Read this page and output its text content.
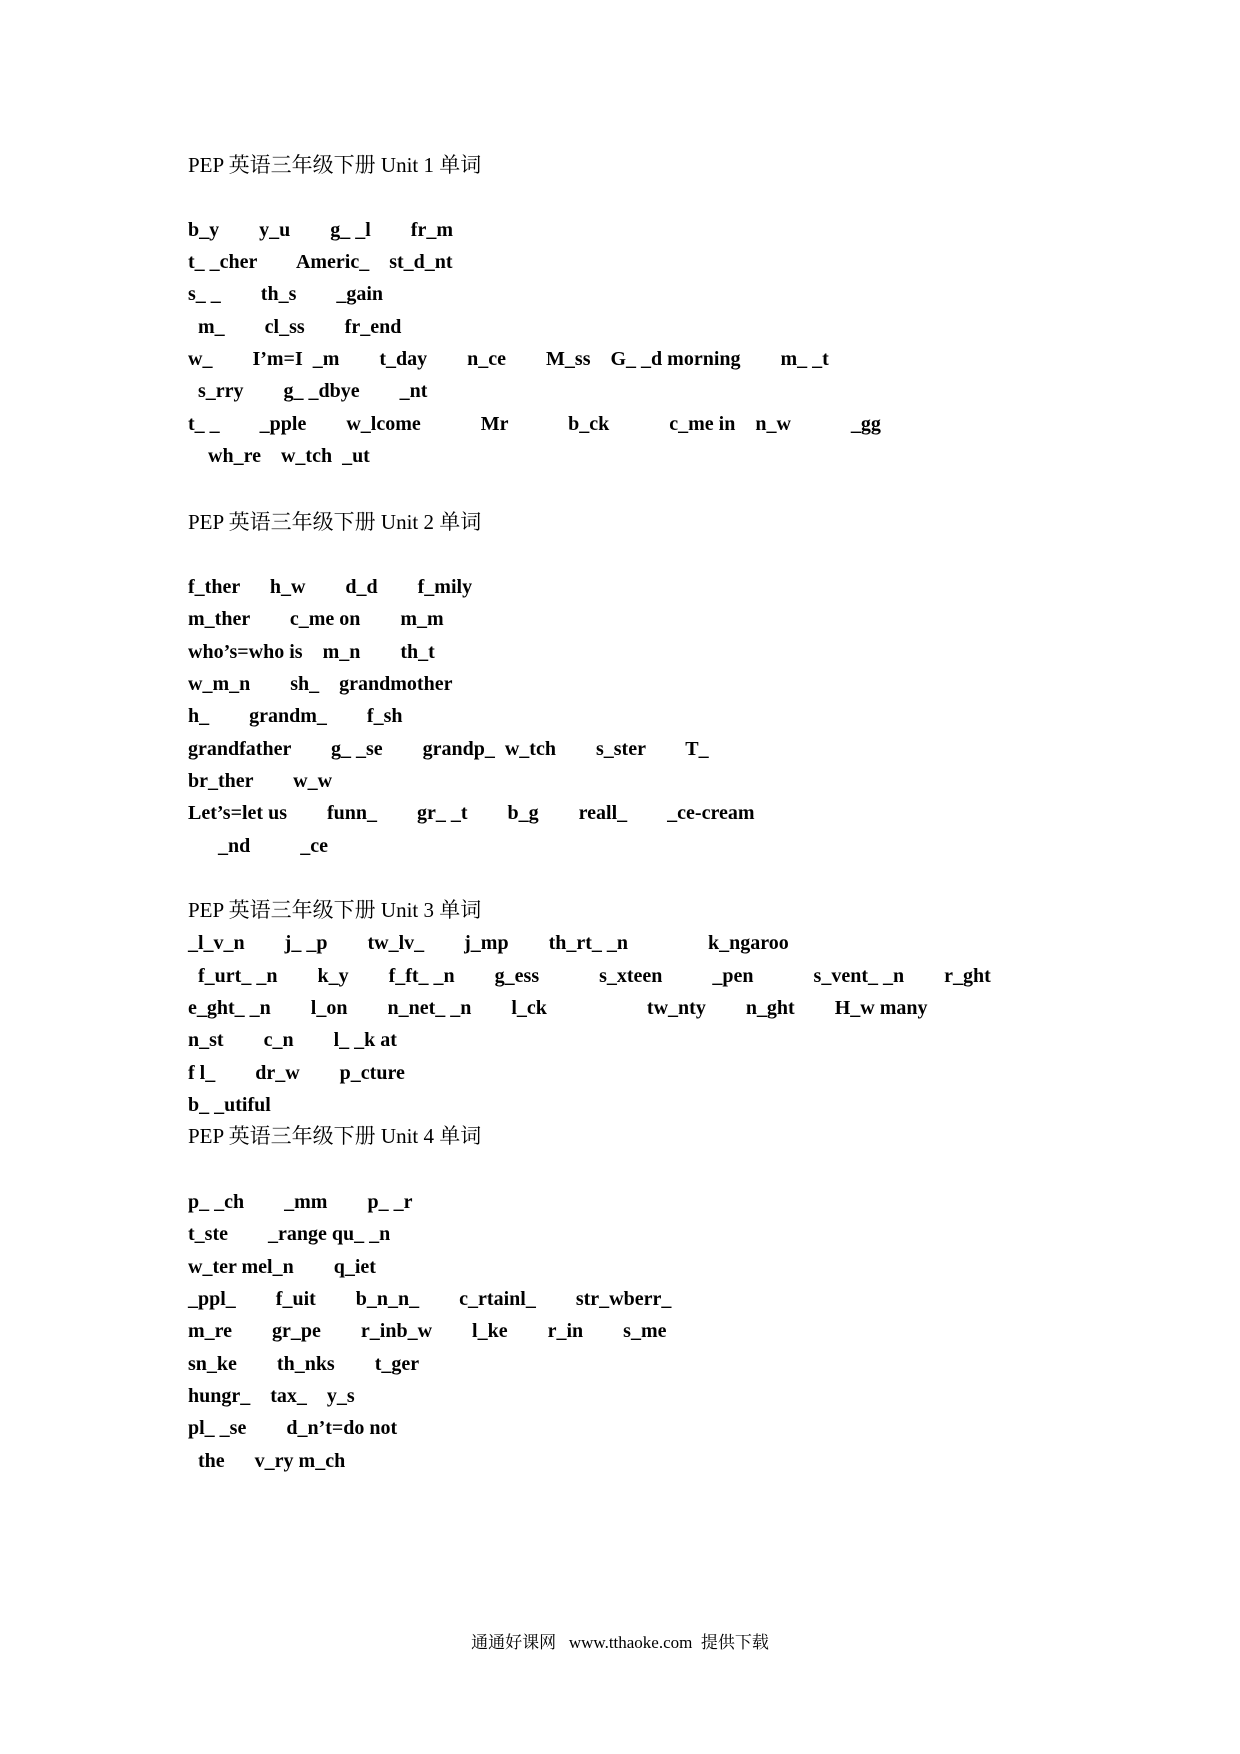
PEP 英语三年级下册 Unit 1 单词
b_y        y_u        g_ _l        fr_m
t_ _cher        Americ_    st_d_nt
s_ _        th_s        _gain
m_        cl_ss        fr_end
w_        I’m=I  _m        t_day        n_ce        M_ss    G_ _d morning        m_ _t
s_rry        g_ _dbye        _nt
t_ _        _pple        w_lcome            Mr            b_ck            c_me in    n_w            _gg
wh_re    w_tch  _ut
PEP 英语三年级下册 Unit 2 单词
f_ther      h_w        d_d        f_mily
m_ther        c_me on        m_m
who’s=who is    m_n        th_t
w_m_n        sh_    grandmother
h_        grandm_        f_sh
grandfather        g_ _se        grandp_  w_tch        s_ster        T_
br_ther        w_w
Let’s=let us        funn_        gr_ _t        b_g        reall_        _ce-cream
_nd          _ce
PEP 英语三年级下册 Unit 3 单词
_l_v_n        j_ _p        tw_lv_        j_mp        th_rt_ _n                k_ngaroo
f_urt_ _n        k_y        f_ft_ _n        g_ess            s_xteen          _pen            s_vent_ _n        r_ght
e_ght_ _n        l_on        n_net_ _n        l_ck                    tw_nty        n_ght        H_w many
n_st        c_n        l_ _k at
f l_        dr_w        p_cture
b_ _utiful
PEP 英语三年级下册 Unit 4 单词
p_ _ch        _mm        p_ _r
t_ste        _range qu_ _n
w_ter mel_n        q_iet
_ppl_        f_uit        b_n_n_        c_rtainl_        str_wberr_
m_re        gr_pe        r_inb_w        l_ke        r_in        s_me
sn_ke        th_nks        t_ger
hungr_    tax_    y_s
pl_ _se        d_n’t=do not
the      v_ry m_ch
通通好课网   www.tthaoke.com  提供下载
